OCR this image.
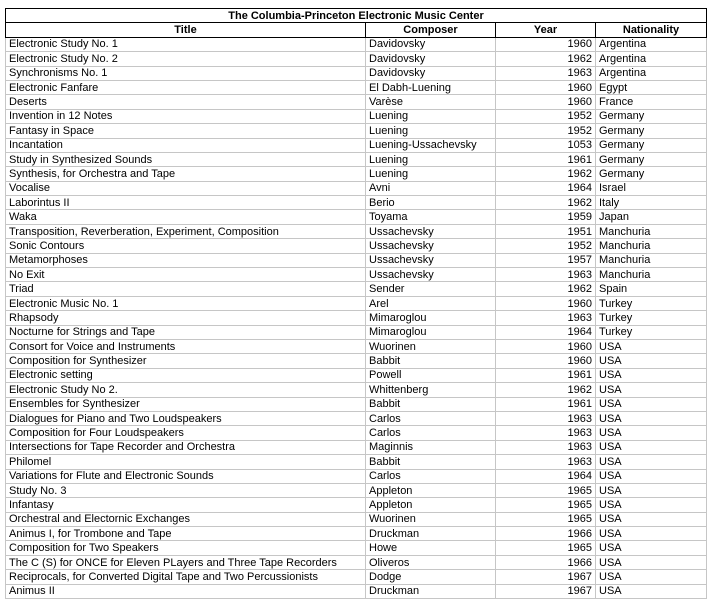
The Columbia-Princeton Electronic Music Center			
Title	Composer	Year	Nationality
Electronic Study No. 1	Davidovsky	1960	Argentina
Electronic Study No. 2	Davidovsky	1962	Argentina
Synchronisms No. 1	Davidovsky	1963	Argentina
Electronic Fanfare	El Dabh-Luening	1960	Egypt
Deserts	Varèse	1960	France
Invention in 12 Notes	Luening	1952	Germany
Fantasy in Space	Luening	1952	Germany
Incantation	Luening-Ussachevsky	1053	Germany
Study in Synthesized Sounds	Luening	1961	Germany
Synthesis, for Orchestra and Tape	Luening	1962	Germany
Vocalise	Avni	1964	Israel
Laborintus II	Berio	1962	Italy
Waka	Toyama	1959	Japan
Transposition, Reverberation, Experiment, Composition	Ussachevsky	1951	Manchuria
Sonic Contours	Ussachevsky	1952	Manchuria
Metamorphoses	Ussachevsky	1957	Manchuria
No Exit	Ussachevsky	1963	Manchuria
Triad	Sender	1962	Spain
Electronic Music No. 1	Arel	1960	Turkey
Rhapsody	Mimaroglou	1963	Turkey
Nocturne for Strings and Tape	Mimaroglou	1964	Turkey
Consort for Voice and Instruments	Wuorinen	1960	USA
Composition for Synthesizer	Babbit	1960	USA
Electronic setting	Powell	1961	USA
Electronic Study No 2.	Whittenberg	1962	USA
Ensembles for Synthesizer	Babbit	1961	USA
Dialogues for Piano and Two Loudspeakers	Carlos	1963	USA
Composition for Four Loudspeakers	Carlos	1963	USA
Intersections for Tape Recorder and Orchestra	Maginnis	1963	USA
Philomel	Babbit	1963	USA
Variations for Flute and Electronic Sounds	Carlos	1964	USA
Study No. 3	Appleton	1965	USA
Infantasy	Appleton	1965	USA
Orchestral and Electornic Exchanges	Wuorinen	1965	USA
Animus I, for Trombone and Tape	Druckman	1966	USA
Composition for Two Speakers	Howe	1965	USA
The C (S) for ONCE for Eleven PLayers and Three Tape Recorders	Oliveros	1966	USA
Reciprocals, for Converted Digital Tape and Two Percussionists	Dodge	1967	USA
Animus II	Druckman	1967	USA
